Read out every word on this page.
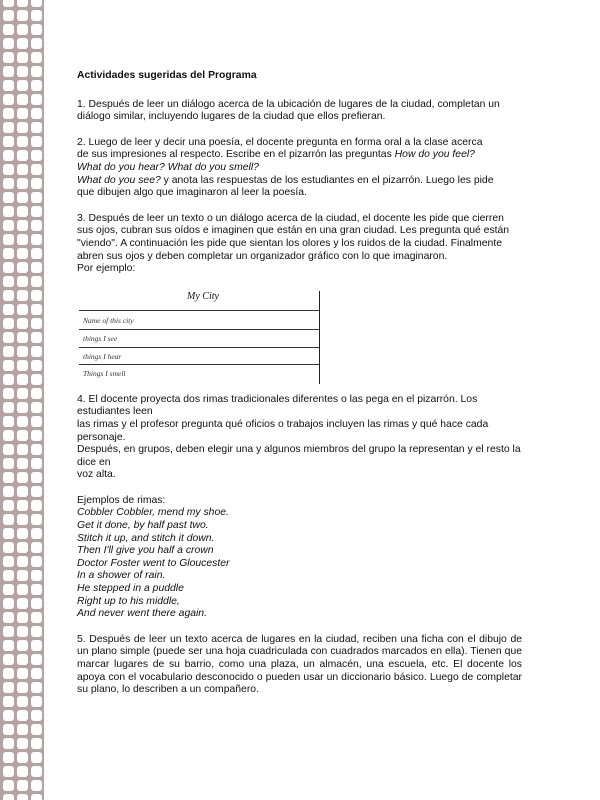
Actividades sugeridas del Programa

1. Después de leer un diálogo acerca de la ubicación de lugares de la ciudad, completan un diálogo similar, incluyendo lugares de la ciudad que ellos prefieran.

2. Luego de leer y decir una poesía, el docente pregunta en forma oral a la clase acerca
de sus impresiones al respecto. Escribe en el pizarrón las preguntas How do you feel?
What do you hear? What do you smell?
What do you see? y anota las respuestas de los estudiantes en el pizarrón. Luego les pide
que dibujen algo que imaginaron al leer la poesía.

3. Después de leer un texto o un diálogo acerca de la ciudad, el docente les pide que cierren sus ojos, cubran sus oídos e imaginen que están en una gran ciudad. Les pregunta qué están "viendo". A continuación les pide que sientan los olores y los ruidos de la ciudad. Finalmente abren sus ojos y deben completar un organizador gráfico con lo que imaginaron.
Por ejemplo:

My City
Name of this city
things I see
things I hear
Things I smell

4. El docente proyecta dos rimas tradicionales diferentes o las pega en el pizarrón. Los estudiantes leen
las rimas y el profesor pregunta qué oficios o trabajos incluyen las rimas y qué hace cada personaje.
Después, en grupos, deben elegir una y algunos miembros del grupo la representan y el resto la dice en
voz alta.

Ejemplos de rimas:

Cobbler Cobbler, mend my shoe.
Get it done, by half past two.
Stitch it up, and stitch it down.
Then I'll give you half a crown
Doctor Foster went to Gloucester
In a shower of rain.
He stepped in a puddle
Right up to his middle,
And never went there again.

5. Después de leer un texto acerca de lugares en la ciudad, reciben una ficha con el dibujo de un plano simple (puede ser una hoja cuadriculada con cuadrados marcados en ella). Tienen que marcar lugares de su barrio, como una plaza, un almacén, una escuela, etc. El docente los apoya con el vocabulario desconocido o pueden usar un diccionario básico. Luego de completar su plano, lo describen a un compañero.
